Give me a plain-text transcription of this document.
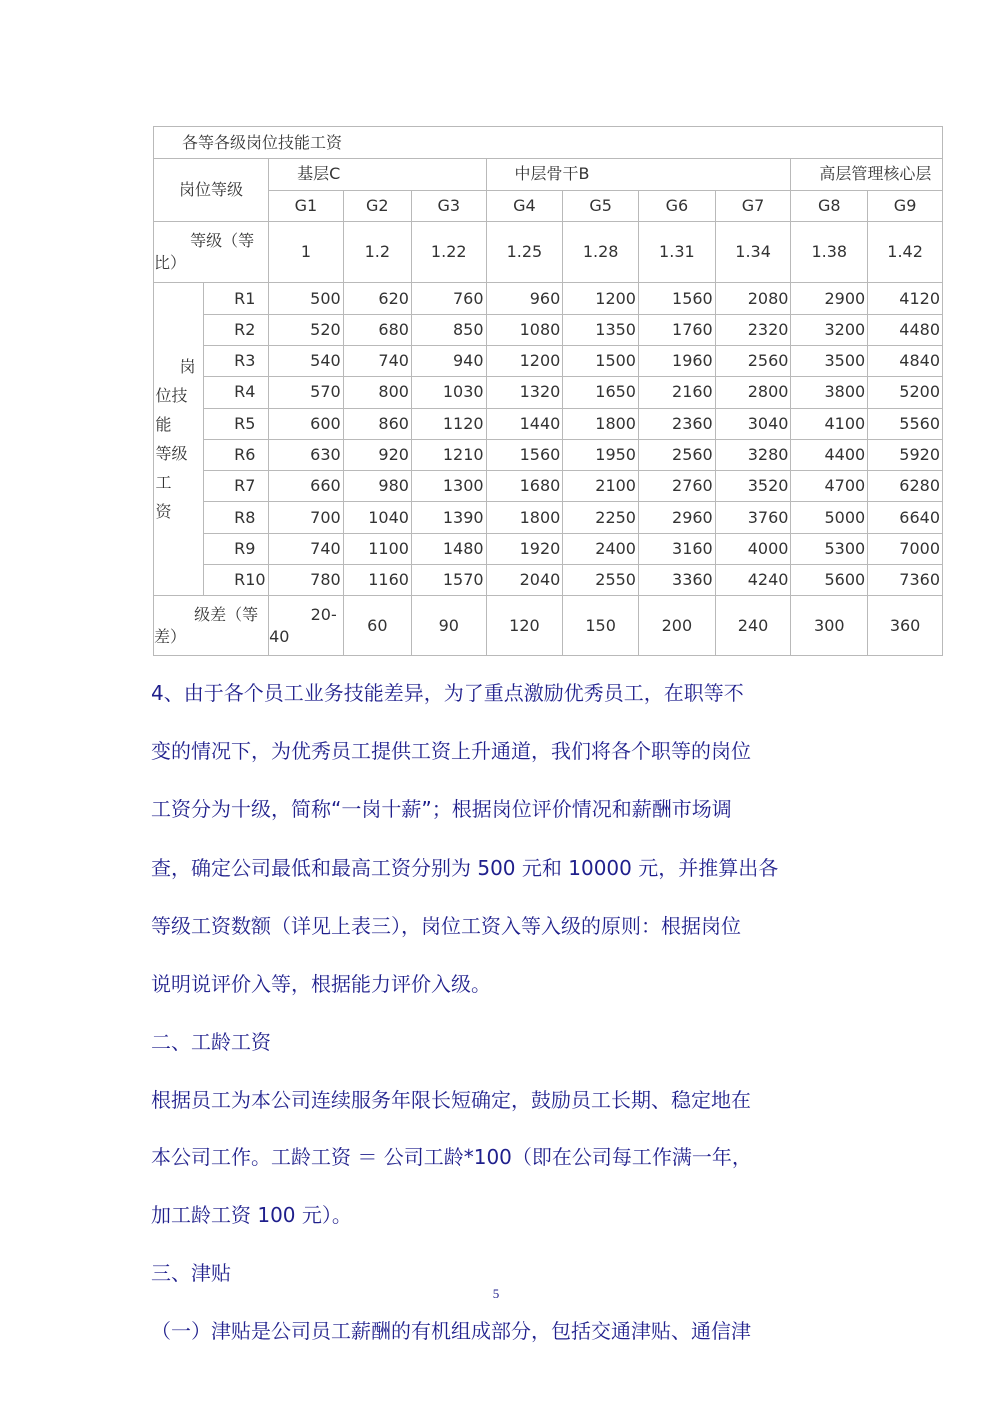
各等各级岗位技能工资										
岗位等级		基层C			中层骨干B				高层管理核心层	
		G1	G2	G3	G4	G5	G6	G7	G8	G9

等级（等
比）		1	1.2	1.22	1.25	1.28	1.31	1.34	1.38	1.42

岗
位技能
等级工
资	R1	500	620	760	960	1200	1560	2080	2900	4120
	R2	520	680	850	1080	1350	1760	2320	3200	4480
	R3	540	740	940	1200	1500	1960	2560	3500	4840
	R4	570	800	1030	1320	1650	2160	2800	3800	5200
	R5	600	860	1120	1440	1800	2360	3040	4100	5560
	R6	630	920	1210	1560	1950	2560	3280	4400	5920
	R7	660	980	1300	1680	2100	2760	3520	4700	6280
	R8	700	1040	1390	1800	2250	2960	3760	5000	6640
	R9	740	1100	1480	1920	2400	3160	4000	5300	7000
	R10	780	1160	1570	2040	2550	3360	4240	5600	7360

级差（等
差）		20-
40	60	90	120	150	200	240	300	360
4、由于各个员工业务技能差异，为了重点激励优秀员工，在职等不
变的情况下，为优秀员工提供工资上升通道，我们将各个职等的岗位
工资分为十级，简称“一岗十薪”；根据岗位评价情况和薪酬市场调
查，确定公司最低和最高工资分别为 500 元和 10000 元，并推算出各
等级工资数额（详见上表三），岗位工资入等入级的原则：根据岗位
说明说评价入等，根据能力评价入级。
二、工龄工资
根据员工为本公司连续服务年限长短确定，鼓励员工长期、稳定地在
本公司工作。工龄工资 ＝ 公司工龄*100（即在公司每工作满一年，
加工龄工资 100 元）。
三、津贴
（一）津贴是公司员工薪酬的有机组成部分，包括交通津贴、通信津
5
